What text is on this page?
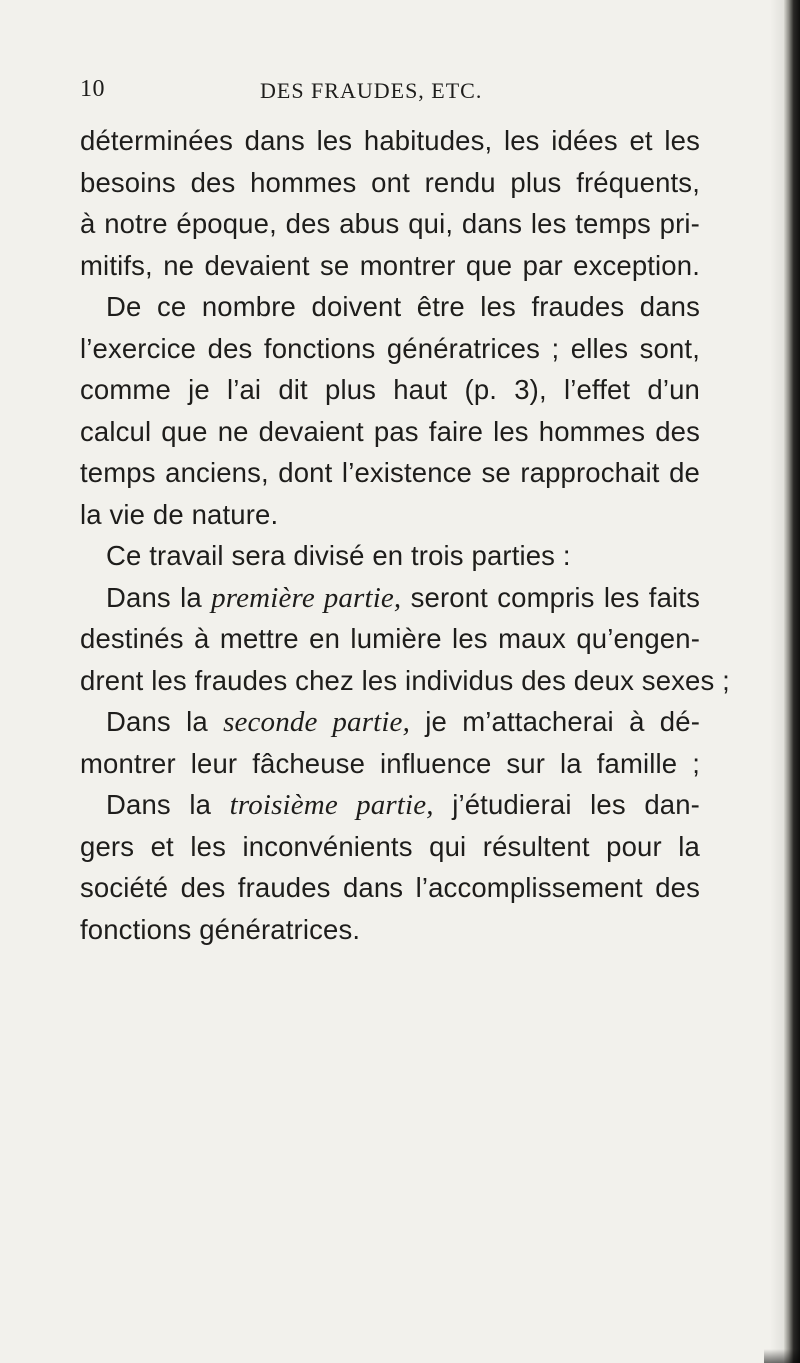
10	DES FRAUDES, ETC.
déterminées dans les habitudes, les idées et les
besoins des hommes ont rendu plus fréquents,
à notre époque, des abus qui, dans les temps pri-
mitifs, ne devaient se montrer que par exception.
De ce nombre doivent être les fraudes dans
l’exercice des fonctions génératrices ; elles sont,
comme je l’ai dit plus haut (p. 3), l’effet d’un
calcul que ne devaient pas faire les hommes des
temps anciens, dont l’existence se rapprochait de
la vie de nature.
Ce travail sera divisé en trois parties :
Dans la première partie, seront compris les faits
destinés à mettre en lumière les maux qu’engen-
drent les fraudes chez les individus des deux sexes ;
Dans la seconde partie, je m’attacherai à dé-
montrer leur fâcheuse influence sur la famille ;
Dans la troisième partie, j’étudierai les dan-
gers et les inconvénients qui résultent pour la
société des fraudes dans l’accomplissement des
fonctions génératrices.
